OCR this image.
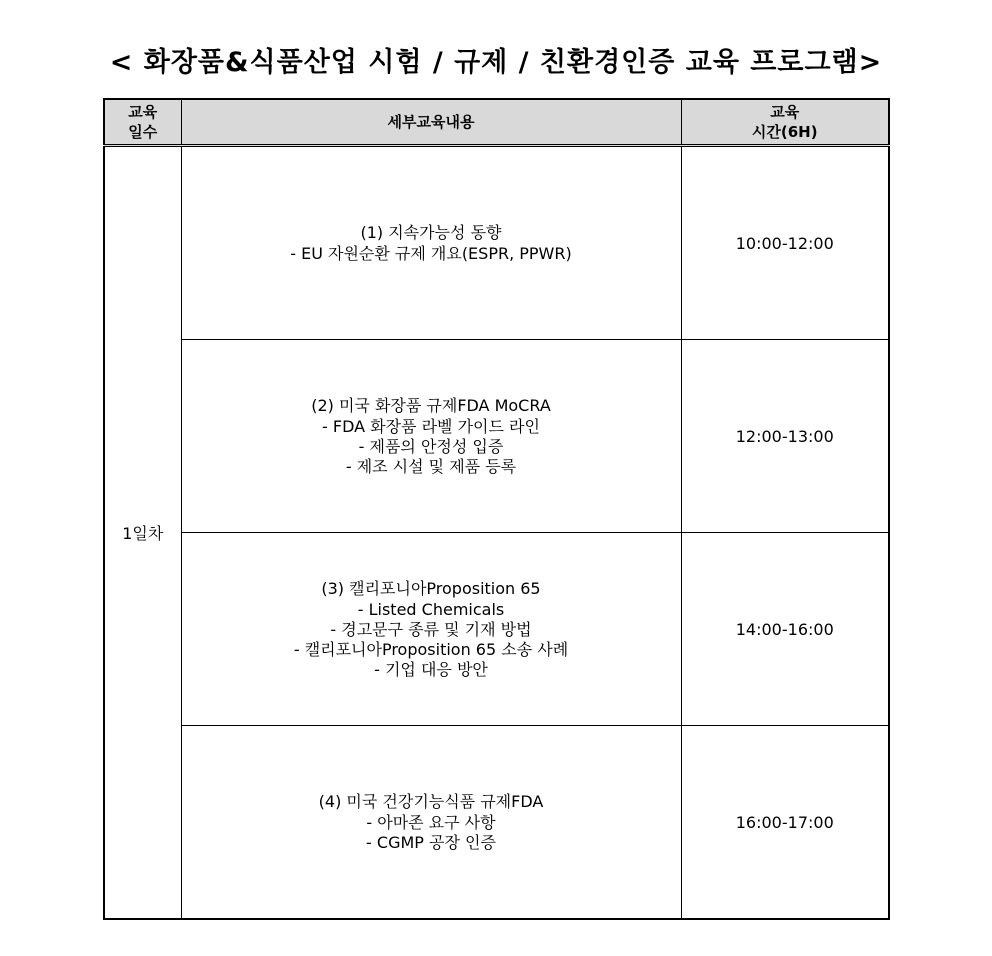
< 화장품&식품산업 시험 / 규제 / 친환경인증 교육 프로그램>
교육
일수	세부교육내용	교육
시간(6H)

1일차	(1) 지속가능성 동향
- EU 자원순환 규제 개요(ESPR, PPWR)	10:00-12:00

	(2) 미국 화장품 규제FDA MoCRA
- FDA 화장품 라벨 가이드 라인
- 제품의 안정성 입증
- 제조 시설 및 제품 등록	12:00-13:00

	(3) 캘리포니아Proposition 65
- Listed Chemicals
- 경고문구 종류 및 기재 방법
- 캘리포니아Proposition 65 소송 사례
- 기업 대응 방안	14:00-16:00

	(4) 미국 건강기능식품 규제FDA
- 아마존 요구 사항
- CGMP 공장 인증	16:00-17:00
